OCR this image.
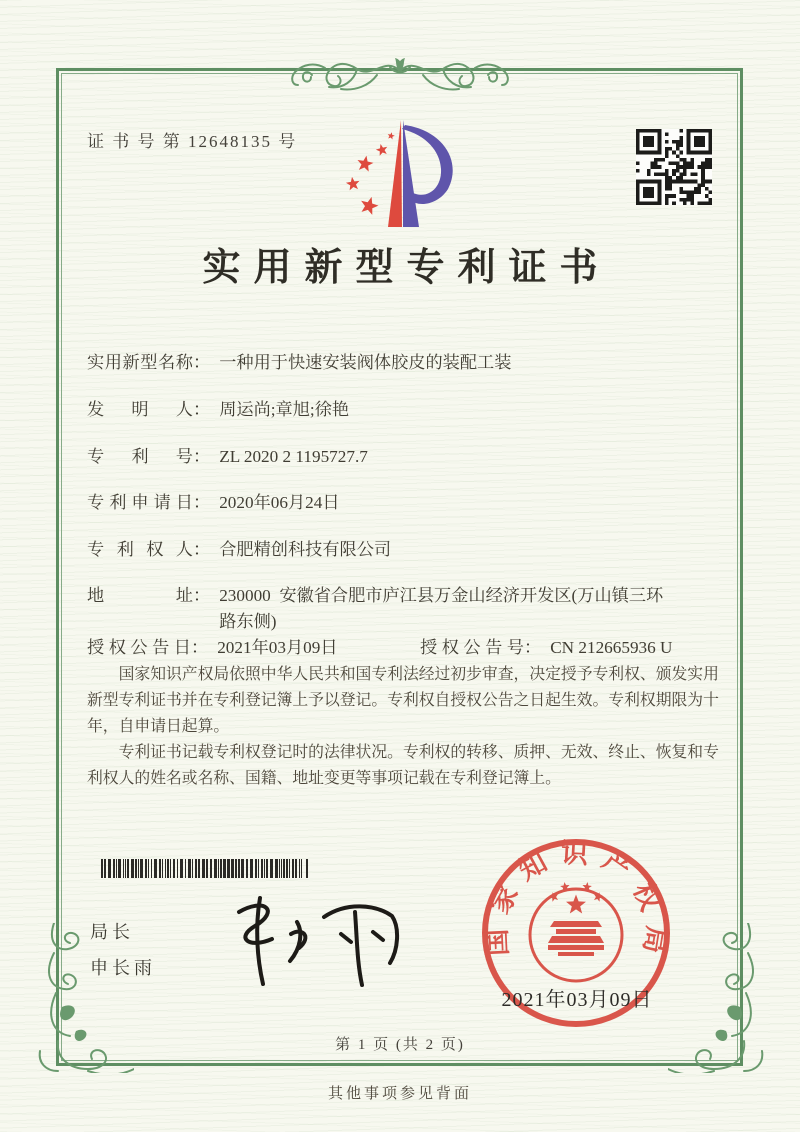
证 书 号 第 12648135 号
实用新型专利证书
实用新型名称 ： 一种用于快速安装阀体胶皮的装配工装
发明人 ： 周运尚;章旭;徐艳
专利号 ： ZL 2020 2 1195727.7
专利申请日 ： 2020年06月24日
专利权人 ： 合肥精创科技有限公司
地址 ： 230000  安徽省合肥市庐江县万金山经济开发区(万山镇三环路东侧)
授权公告日 ： 2021年03月09日	授权公告号 ： CN 212665936 U

国家知识产权局依照中华人民共和国专利法经过初步审查，决定授予专利权、颁发实用新型专利证书并在专利登记簿上予以登记。专利权自授权公告之日起生效。专利权期限为十年，自申请日起算。

专利证书记载专利权登记时的法律状况。专利权的转移、质押、无效、终止、恢复和专利权人的姓名或名称、国籍、地址变更等事项记载在专利登记簿上。

局长
申长雨
国家知识产权局
2021年03月09日
第 1 页 (共 2 页)
其他事项参见背面
